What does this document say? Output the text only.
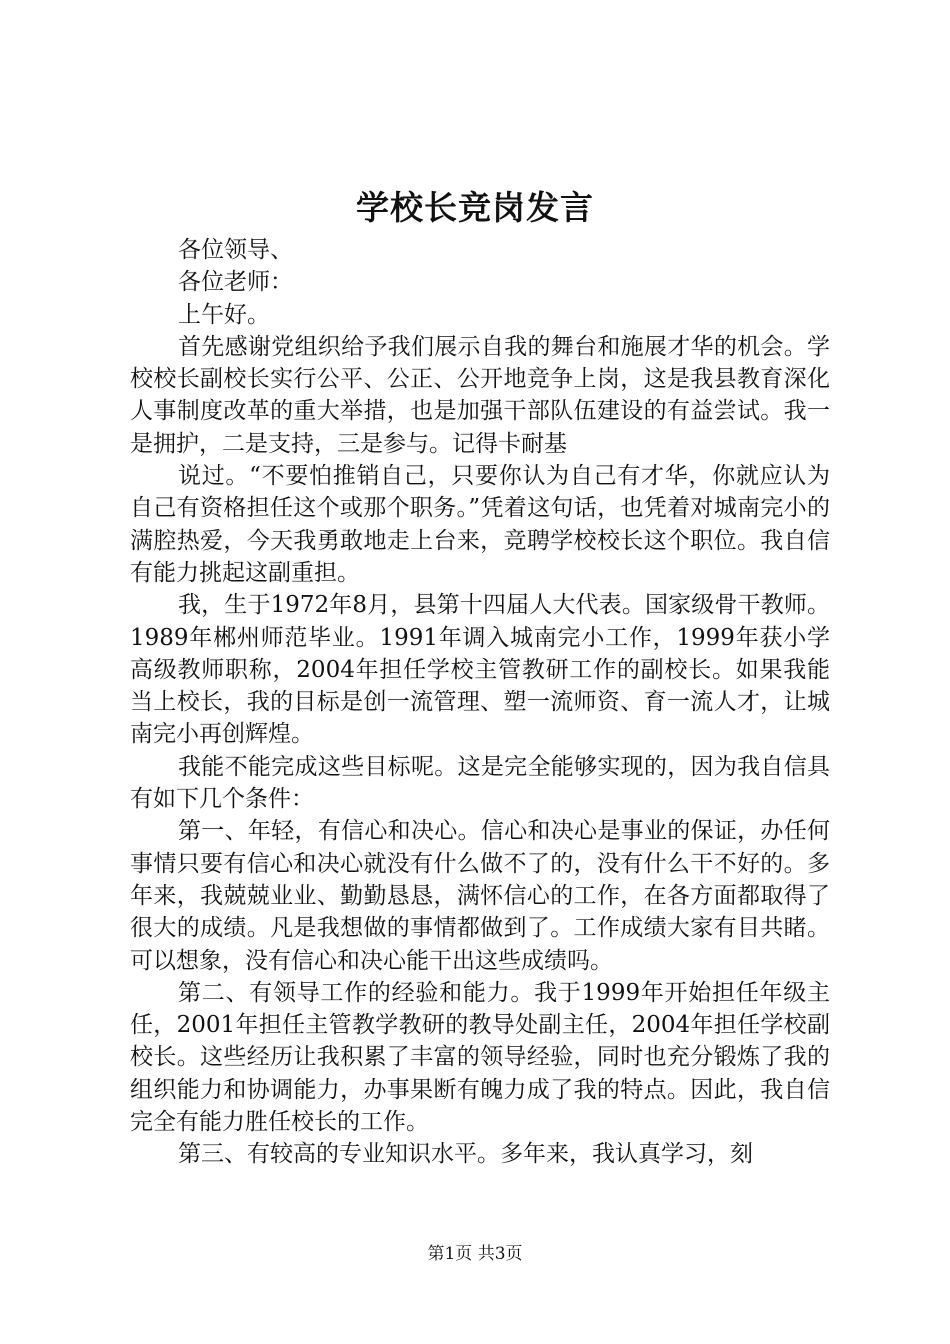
学校长竞岗发言

各位领导、

各位老师：

上午好。

首先感谢党组织给予我们展示自我的舞台和施展才华的机会。学校校长副校长实行公平、公正、公开地竞争上岗，这是我县教育深化人事制度改革的重大举措，也是加强干部队伍建设的有益尝试。我一是拥护，二是支持，三是参与。记得卡耐基

说过。“不要怕推销自己，只要你认为自己有才华，你就应认为自己有资格担任这个或那个职务。”凭着这句话，也凭着对城南完小的满腔热爱，今天我勇敢地走上台来，竞聘学校校长这个职位。我自信有能力挑起这副重担。

我，生于1972年8月，县第十四届人大代表。国家级骨干教师。1989年郴州师范毕业。1991年调入城南完小工作，1999年获小学高级教师职称，2004年担任学校主管教研工作的副校长。如果我能当上校长，我的目标是创一流管理、塑一流师资、育一流人才，让城南完小再创辉煌。

我能不能完成这些目标呢。这是完全能够实现的，因为我自信具有如下几个条件：

第一、年轻，有信心和决心。信心和决心是事业的保证，办任何事情只要有信心和决心就没有什么做不了的，没有什么干不好的。多年来，我兢兢业业、勤勤恳恳，满怀信心的工作，在各方面都取得了很大的成绩。凡是我想做的事情都做到了。工作成绩大家有目共睹。可以想象，没有信心和决心能干出这些成绩吗。

第二、有领导工作的经验和能力。我于1999年开始担任年级主任，2001年担任主管教学教研的教导处副主任，2004年担任学校副校长。这些经历让我积累了丰富的领导经验，同时也充分锻炼了我的组织能力和协调能力，办事果断有魄力成了我的特点。因此，我自信完全有能力胜任校长的工作。

第三、有较高的专业知识水平。多年来，我认真学习，刻

第1页 共3页
